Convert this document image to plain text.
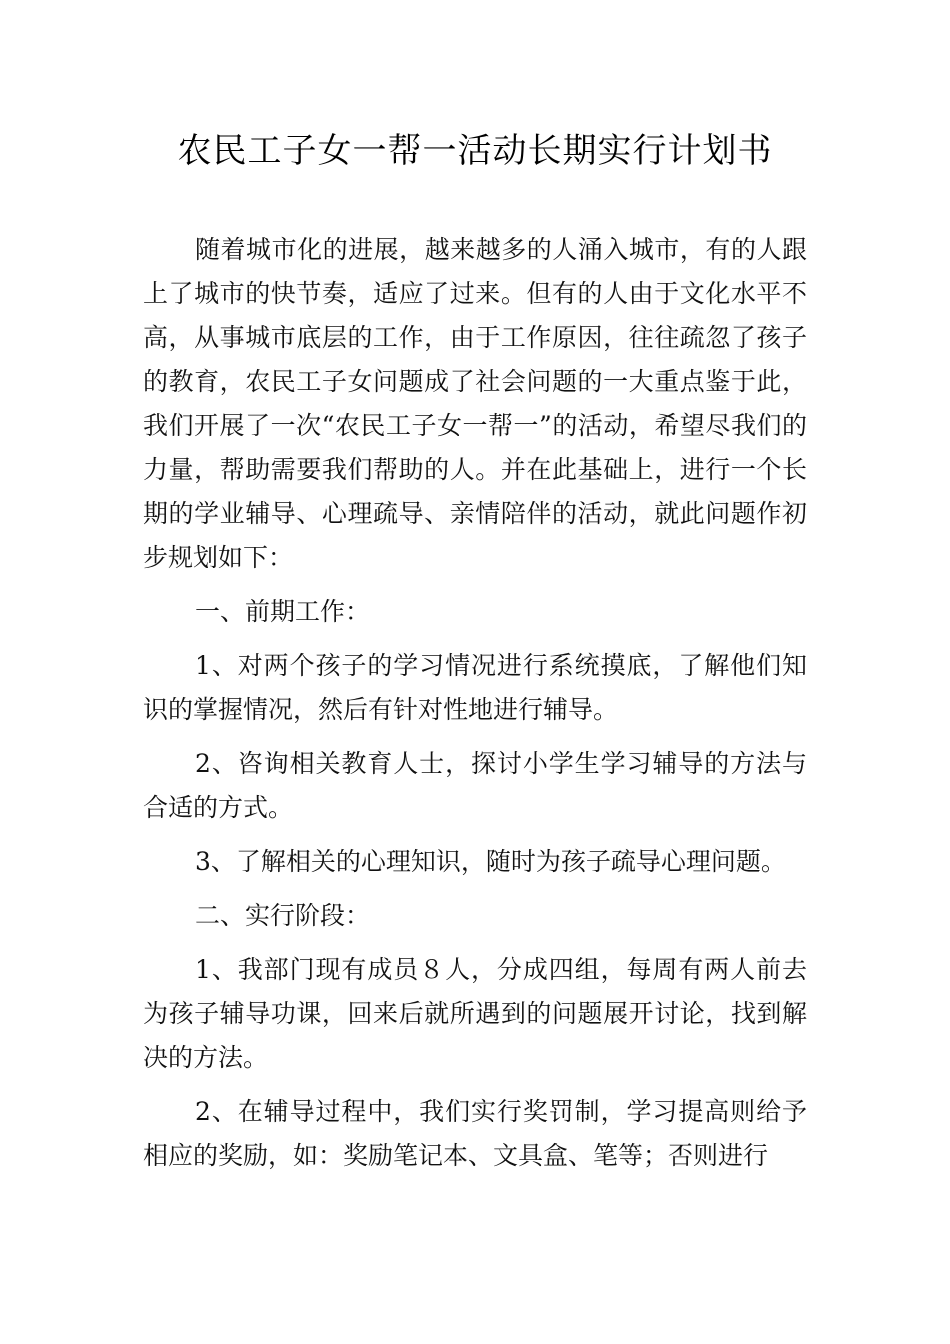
农民工子女一帮一活动长期实行计划书

随着城市化的进展，越来越多的人涌入城市，有的人跟上了城市的快节奏，适应了过来。但有的人由于文化水平不高，从事城市底层的工作，由于工作原因，往往疏忽了孩子的教育，农民工子女问题成了社会问题的一大重点鉴于此，我们开展了一次“农民工子女一帮一”的活动，希望尽我们的力量，帮助需要我们帮助的人。并在此基础上，进行一个长期的学业辅导、心理疏导、亲情陪伴的活动，就此问题作初步规划如下：

一、前期工作：

1、对两个孩子的学习情况进行系统摸底，了解他们知识的掌握情况，然后有针对性地进行辅导。

2、咨询相关教育人士，探讨小学生学习辅导的方法与合适的方式。

3、了解相关的心理知识，随时为孩子疏导心理问题。

二、实行阶段：

1、我部门现有成员８人，分成四组，每周有两人前去为孩子辅导功课，回来后就所遇到的问题展开讨论，找到解决的方法。

2、在辅导过程中，我们实行奖罚制，学习提高则给予相应的奖励，如：奖励笔记本、文具盒、笔等；否则进行
